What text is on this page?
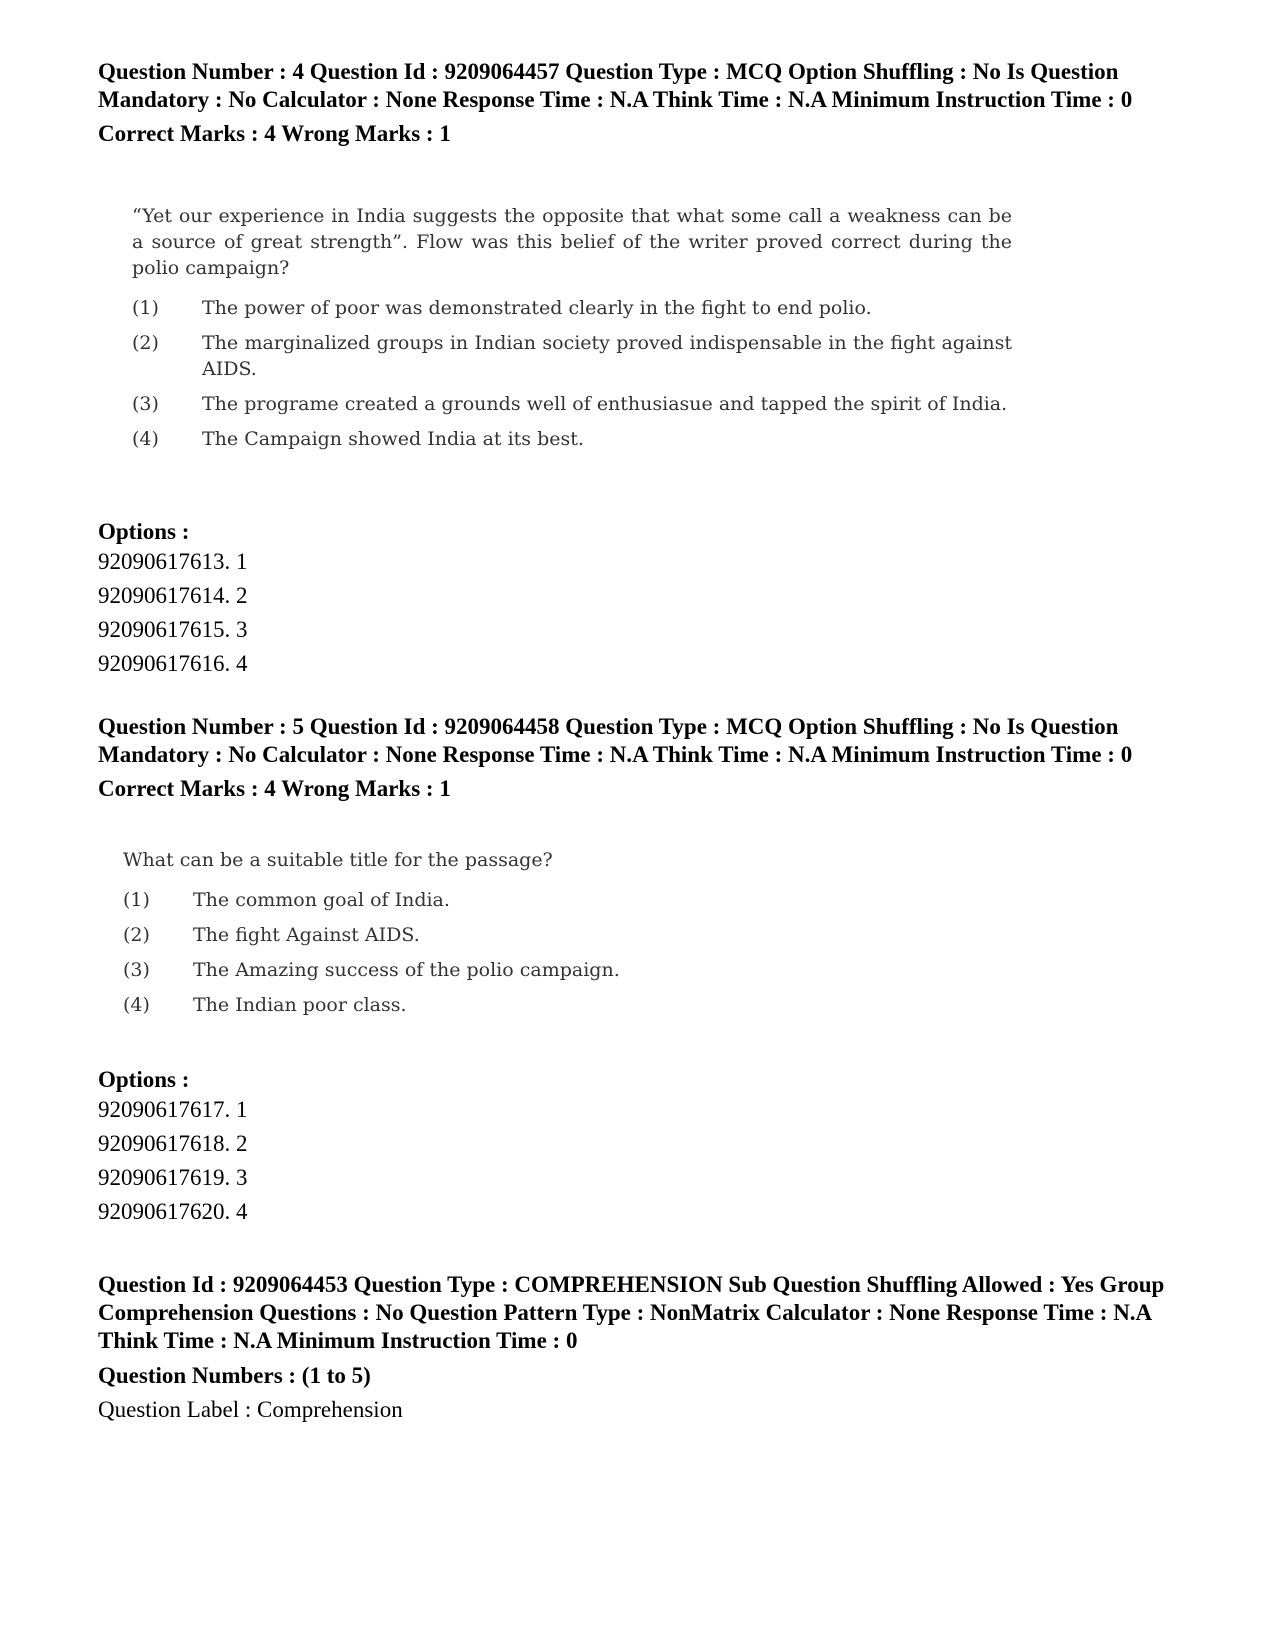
Question Number : 4 Question Id : 9209064457 Question Type : MCQ Option Shuffling : No Is Question Mandatory : No Calculator : None Response Time : N.A Think Time : N.A Minimum Instruction Time : 0

Correct Marks : 4 Wrong Marks : 1

“Yet our experience in India suggests the opposite that what some call a weakness can be a source of great strength”. Flow was this belief of the writer proved correct during the polio campaign?

(1)	The power of poor was demonstrated clearly in the fight to end polio.
(2)	The marginalized groups in Indian society proved indispensable in the fight against AIDS.
(3)	The programe created a grounds well of enthusiasue and tapped the spirit of India.
(4)	The Campaign showed India at its best.
Options :
92090617613. 1
92090617614. 2
92090617615. 3
92090617616. 4

Question Number : 5 Question Id : 9209064458 Question Type : MCQ Option Shuffling : No Is Question Mandatory : No Calculator : None Response Time : N.A Think Time : N.A Minimum Instruction Time : 0

Correct Marks : 4 Wrong Marks : 1

What can be a suitable title for the passage?

(1)	The common goal of India.
(2)	The fight Against AIDS.
(3)	The Amazing success of the polio campaign.
(4)	The Indian poor class.
Options :
92090617617. 1
92090617618. 2
92090617619. 3
92090617620. 4

Question Id : 9209064453 Question Type : COMPREHENSION Sub Question Shuffling Allowed : Yes Group Comprehension Questions : No Question Pattern Type : NonMatrix Calculator : None Response Time : N.A Think Time : N.A Minimum Instruction Time : 0

Question Numbers : (1 to 5)

Question Label : Comprehension
